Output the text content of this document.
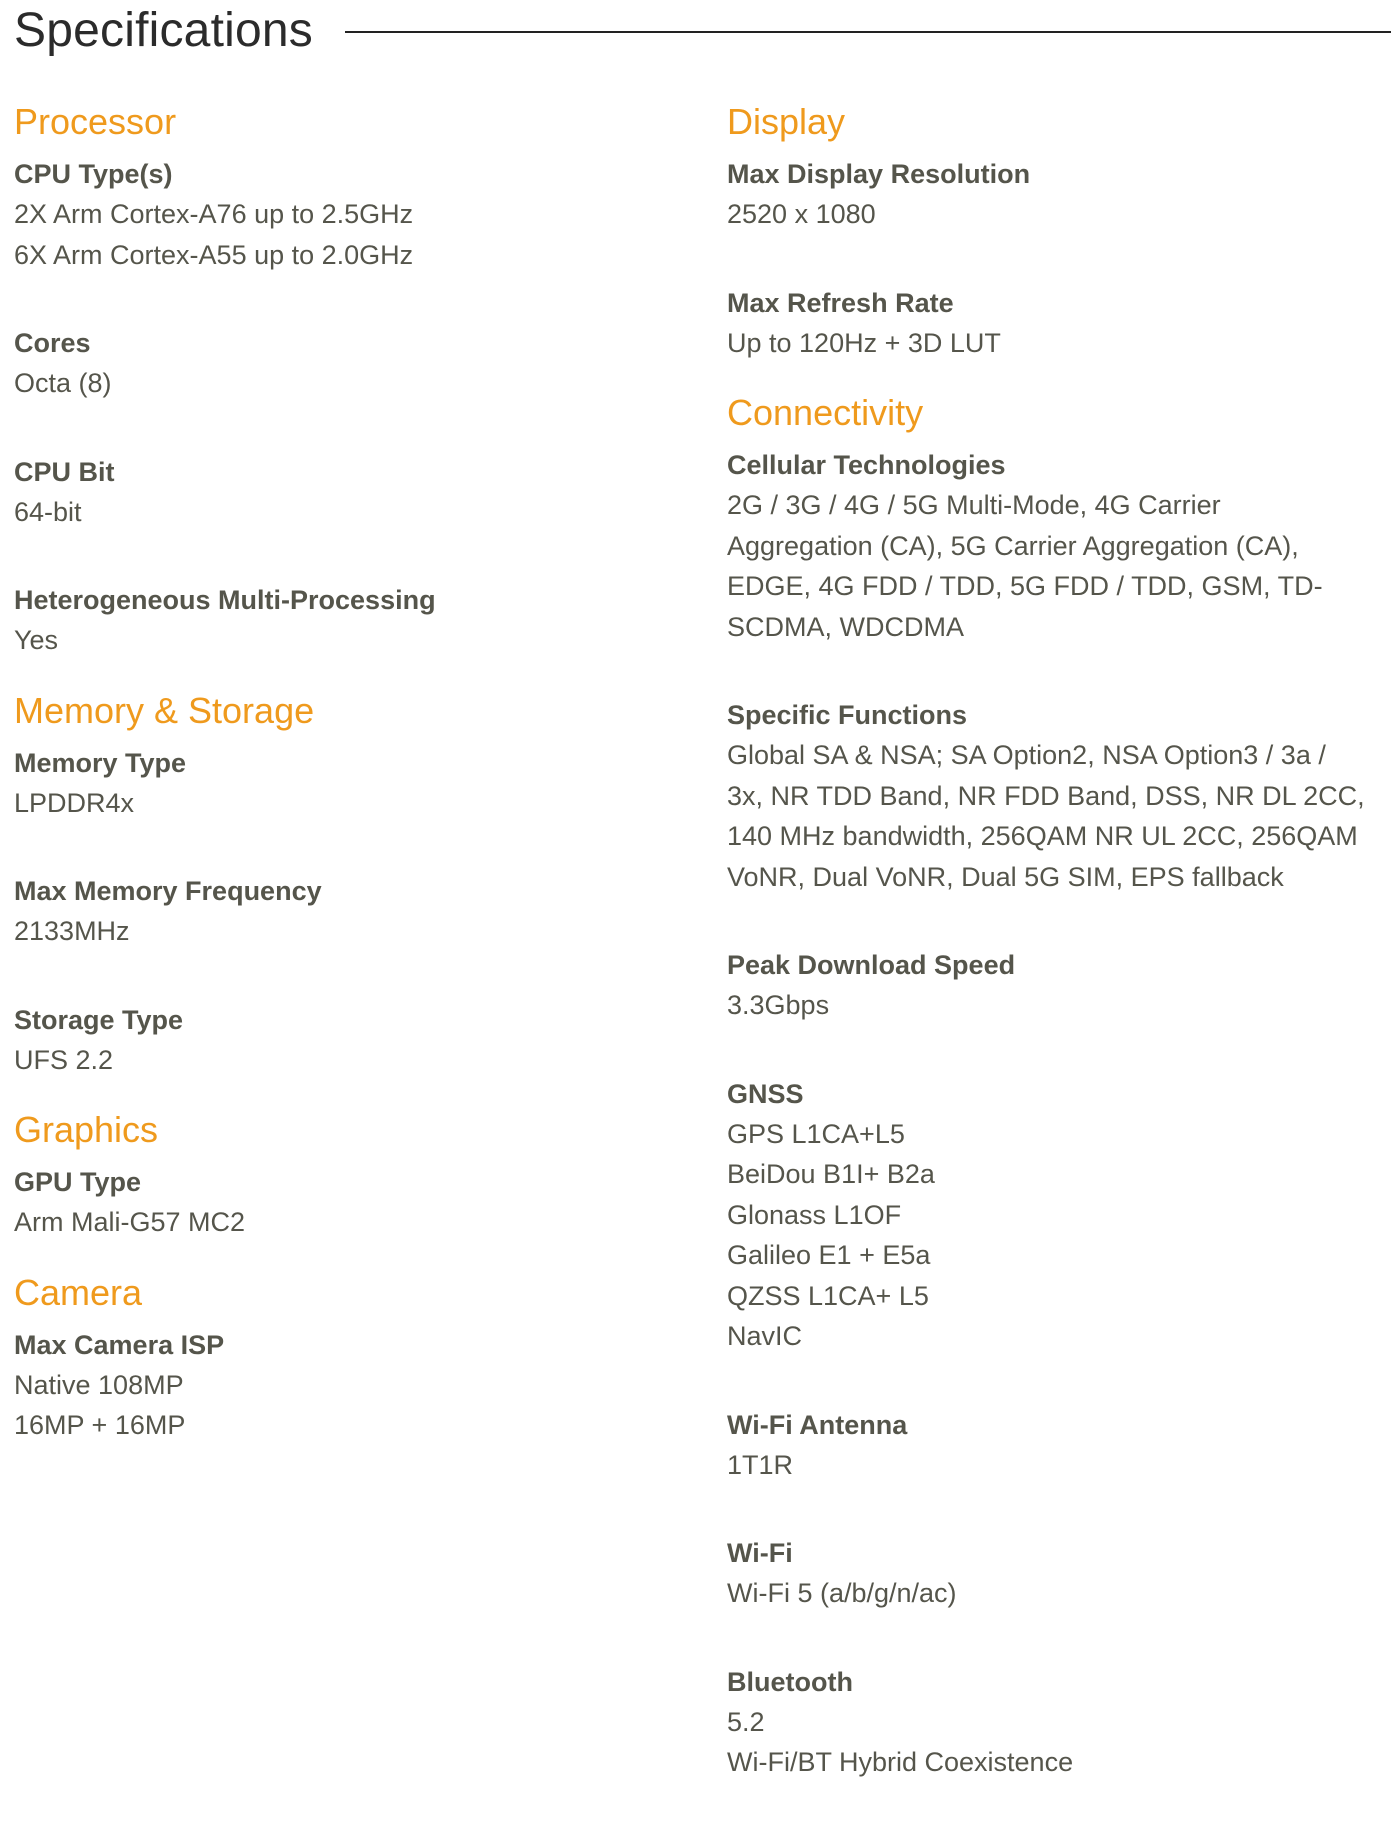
Specifications
Processor
CPU Type(s)
2X Arm Cortex-A76 up to 2.5GHz
6X Arm Cortex-A55 up to 2.0GHz
Cores
Octa (8)
CPU Bit
64-bit
Heterogeneous Multi-Processing
Yes
Memory & Storage
Memory Type
LPDDR4x
Max Memory Frequency
2133MHz
Storage Type
UFS 2.2
Graphics
GPU Type
Arm Mali-G57 MC2
Camera
Max Camera ISP
Native 108MP
16MP + 16MP
Display
Max Display Resolution
2520 x 1080
Max Refresh Rate
Up to 120Hz + 3D LUT
Connectivity
Cellular Technologies
2G / 3G / 4G / 5G Multi-Mode, 4G Carrier
Aggregation (CA), 5G Carrier Aggregation (CA),
EDGE, 4G FDD / TDD, 5G FDD / TDD, GSM, TD-
SCDMA, WDCDMA
Specific Functions
Global SA & NSA; SA Option2, NSA Option3 / 3a /
3x, NR TDD Band, NR FDD Band, DSS, NR DL 2CC,
140 MHz bandwidth, 256QAM NR UL 2CC, 256QAM
VoNR, Dual VoNR, Dual 5G SIM, EPS fallback
Peak Download Speed
3.3Gbps
GNSS
GPS L1CA+L5
BeiDou B1I+ B2a
Glonass L1OF
Galileo E1 + E5a
QZSS L1CA+ L5
NavIC
Wi-Fi Antenna
1T1R
Wi-Fi
Wi-Fi 5 (a/b/g/n/ac)
Bluetooth
5.2
Wi-Fi/BT Hybrid Coexistence
